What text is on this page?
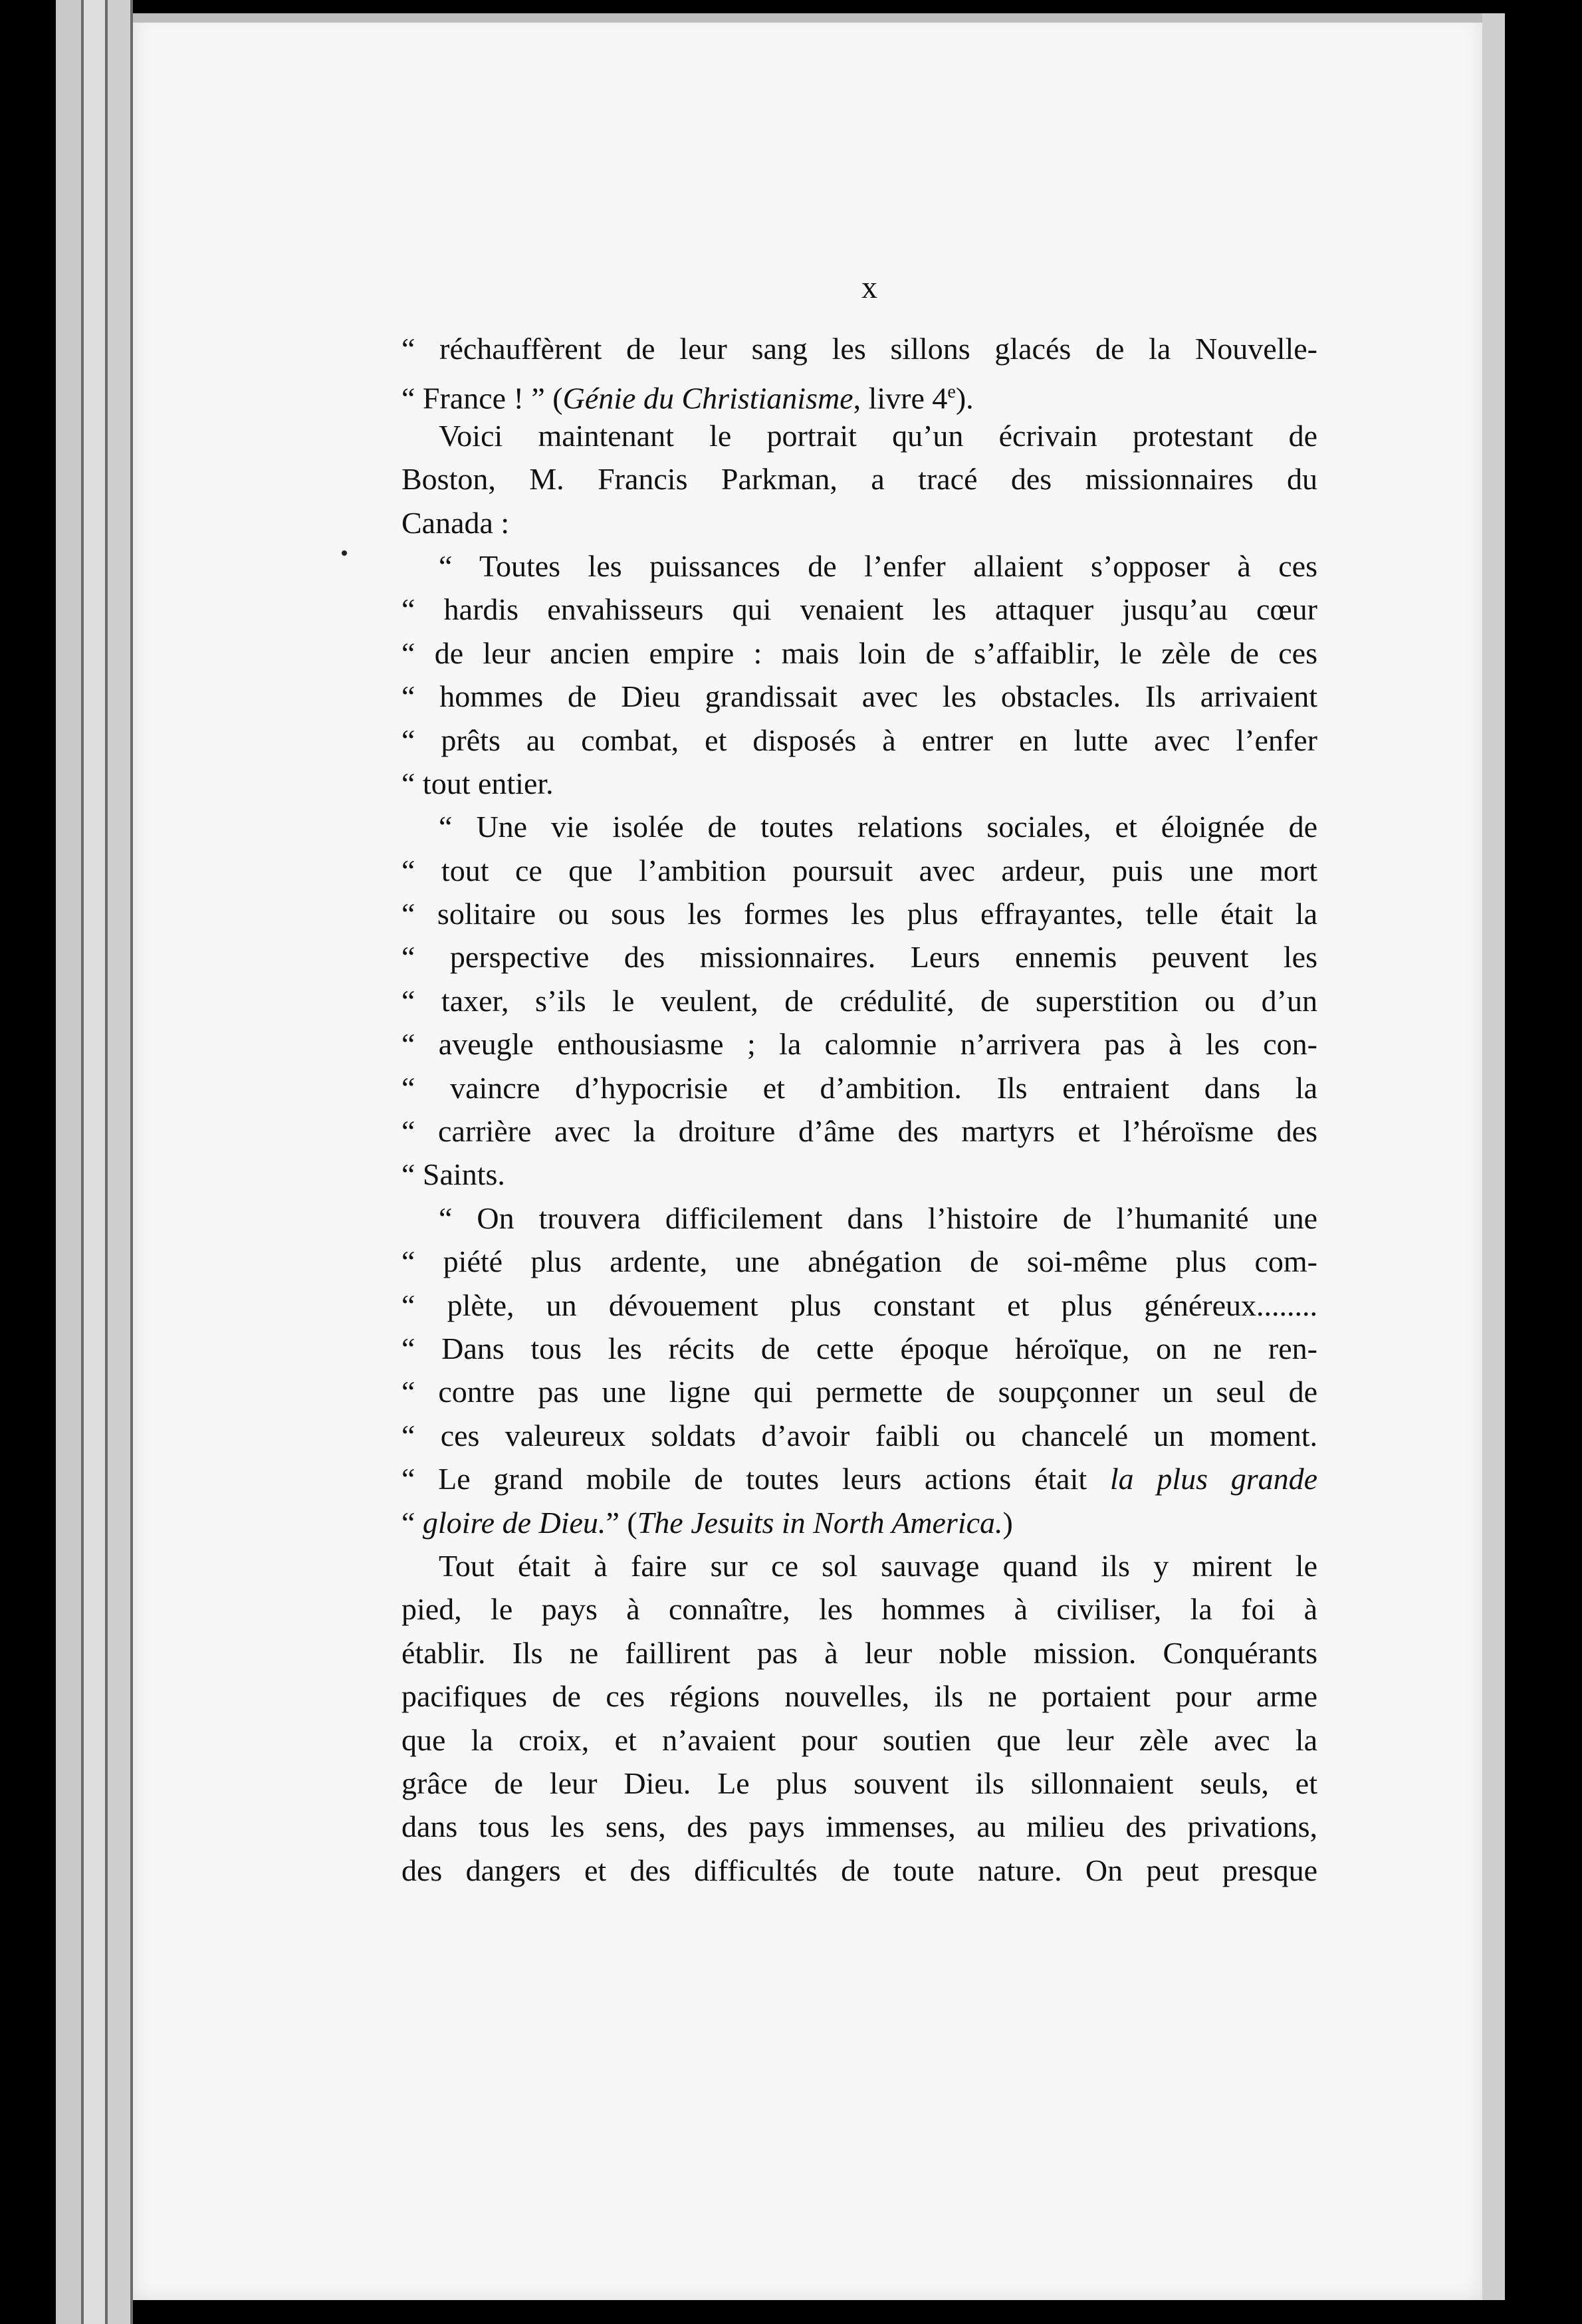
x
“ réchauffèrent de leur sang les sillons glacés de la Nouvelle-
“ France ! ” (Génie du Christianisme, livre 4e).
Voici maintenant le portrait qu’un écrivain protestant de
Boston, M. Francis Parkman, a tracé des missionnaires du
Canada :
“ Toutes les puissances de l’enfer allaient s’opposer à ces
“ hardis envahisseurs qui venaient les attaquer jusqu’au cœur
“ de leur ancien empire : mais loin de s’affaiblir, le zèle de ces
“ hommes de Dieu grandissait avec les obstacles. Ils arrivaient
“ prêts au combat, et disposés à entrer en lutte avec l’enfer
“ tout entier.
“ Une vie isolée de toutes relations sociales, et éloignée de
“ tout ce que l’ambition poursuit avec ardeur, puis une mort
“ solitaire ou sous les formes les plus effrayantes, telle était la
“ perspective des missionnaires. Leurs ennemis peuvent les
“ taxer, s’ils le veulent, de crédulité, de superstition ou d’un
“ aveugle enthousiasme ; la calomnie n’arrivera pas à les con-
“ vaincre d’hypocrisie et d’ambition. Ils entraient dans la
“ carrière avec la droiture d’âme des martyrs et l’héroïsme des
“ Saints.
“ On trouvera difficilement dans l’histoire de l’humanité une
“ piété plus ardente, une abnégation de soi-même plus com-
“ plète, un dévouement plus constant et plus généreux........
“ Dans tous les récits de cette époque héroïque, on ne ren-
“ contre pas une ligne qui permette de soupçonner un seul de
“ ces valeureux soldats d’avoir faibli ou chancelé un moment.
“ Le grand mobile de toutes leurs actions était la plus grande
“ gloire de Dieu.” (The Jesuits in North America.)
Tout était à faire sur ce sol sauvage quand ils y mirent le
pied, le pays à connaître, les hommes à civiliser, la foi à
établir. Ils ne faillirent pas à leur noble mission. Conquérants
pacifiques de ces régions nouvelles, ils ne portaient pour arme
que la croix, et n’avaient pour soutien que leur zèle avec la
grâce de leur Dieu. Le plus souvent ils sillonnaient seuls, et
dans tous les sens, des pays immenses, au milieu des privations,
des dangers et des difficultés de toute nature. On peut presque
